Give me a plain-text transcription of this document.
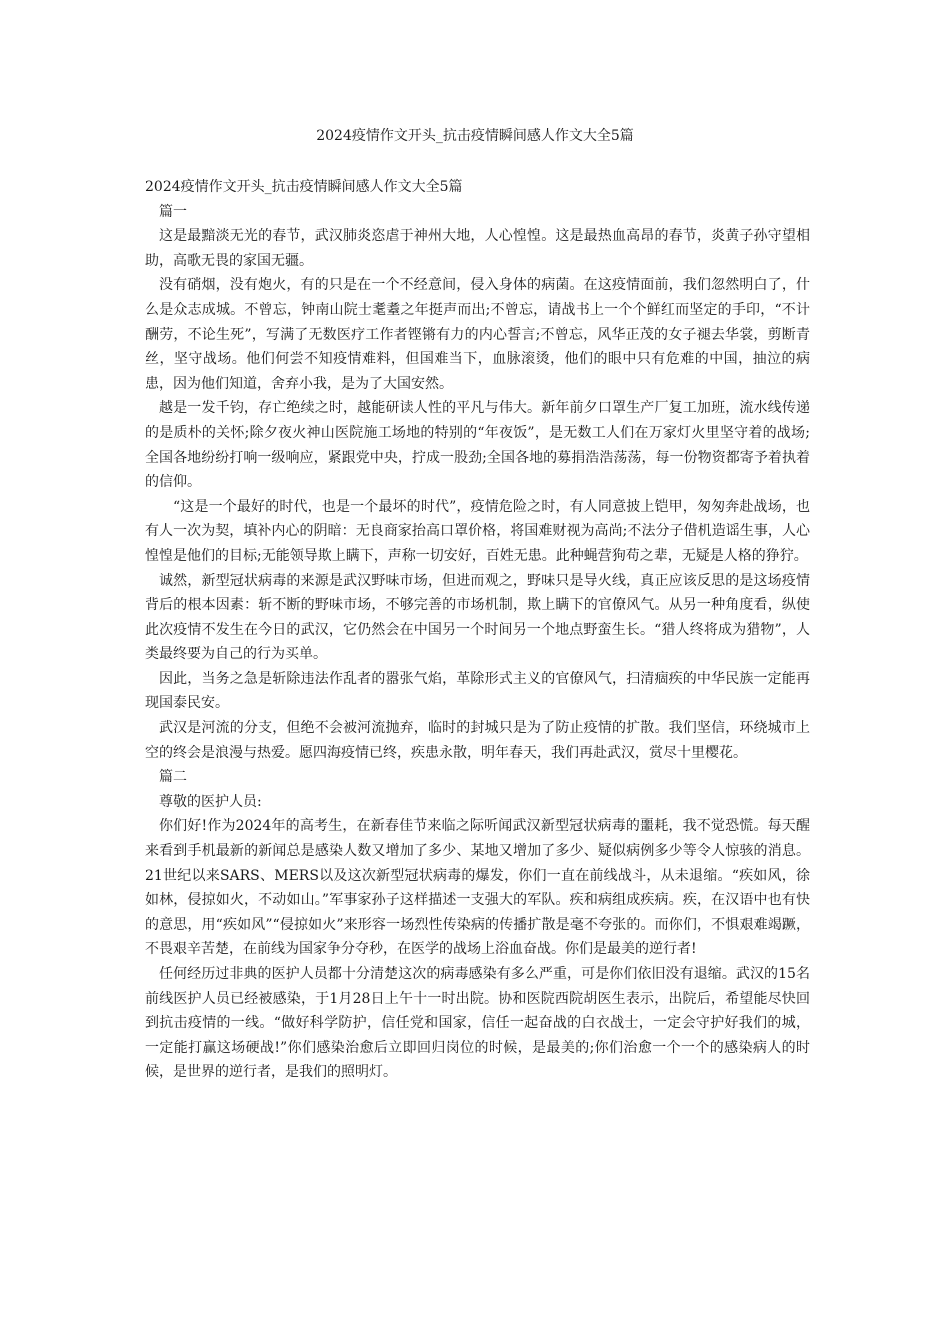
2024疫情作文开头_抗击疫情瞬间感人作文大全5篇

2024疫情作文开头_抗击疫情瞬间感人作文大全5篇

篇一

这是最黯淡无光的春节，武汉肺炎恣虐于神州大地，人心惶惶。这是最热血高昂的春节，炎黄子孙守望相助，高歌无畏的家国无疆。

没有硝烟，没有炮火，有的只是在一个不经意间，侵入身体的病菌。在这疫情面前，我们忽然明白了，什么是众志成城。不曾忘，钟南山院士耄耋之年挺声而出;不曾忘，请战书上一个个鲜红而坚定的手印，“不计酬劳，不论生死”，写满了无数医疗工作者铿锵有力的内心誓言;不曾忘，风华正茂的女子褪去华裳，剪断青丝，坚守战场。他们何尝不知疫情难料，但国难当下，血脉滚烫，他们的眼中只有危难的中国，抽泣的病患，因为他们知道，舍弃小我，是为了大国安然。

越是一发千钧，存亡绝续之时，越能研读人性的平凡与伟大。新年前夕口罩生产厂复工加班，流水线传递的是质朴的关怀;除夕夜火神山医院施工场地的特别的“年夜饭”，是无数工人们在万家灯火里坚守着的战场;全国各地纷纷打响一级响应，紧跟党中央，拧成一股劲;全国各地的募捐浩浩荡荡，每一份物资都寄予着执着的信仰。

“这是一个最好的时代，也是一个最坏的时代”，疫情危险之时，有人同意披上铠甲，匆匆奔赴战场，也有人一次为契，填补内心的阴暗：无良商家抬高口罩价格，将国难财视为高尚;不法分子借机造谣生事，人心惶惶是他们的目标;无能领导欺上瞒下，声称一切安好，百姓无患。此种蝇营狗苟之辈，无疑是人格的狰狞。

诚然，新型冠状病毒的来源是武汉野味市场，但进而观之，野味只是导火线，真正应该反思的是这场疫情背后的根本因素：斩不断的野味市场，不够完善的市场机制，欺上瞒下的官僚风气。从另一种角度看，纵使此次疫情不发生在今日的武汉，它仍然会在中国另一个时间另一个地点野蛮生长。“猎人终将成为猎物”，人类最终要为自己的行为买单。

因此，当务之急是斩除违法作乱者的嚣张气焰，革除形式主义的官僚风气，扫清痼疾的中华民族一定能再现国泰民安。

武汉是河流的分支，但绝不会被河流抛弃，临时的封城只是为了防止疫情的扩散。我们坚信，环绕城市上空的终会是浪漫与热爱。愿四海疫情已终，疾患永散，明年春天，我们再赴武汉，赏尽十里樱花。

篇二

尊敬的医护人员:

你们好!作为2024年的高考生，在新春佳节来临之际听闻武汉新型冠状病毒的噩耗，我不觉恐慌。每天醒来看到手机最新的新闻总是感染人数又增加了多少、某地又增加了多少、疑似病例多少等令人惊骇的消息。21世纪以来SARS、MERS以及这次新型冠状病毒的爆发，你们一直在前线战斗，从未退缩。“疾如风，徐如林，侵掠如火，不动如山。”军事家孙子这样描述一支强大的军队。疾和病组成疾病。疾，在汉语中也有快的意思，用“疾如风”“侵掠如火”来形容一场烈性传染病的传播扩散是毫不夸张的。而你们，不惧艰难竭蹶，不畏艰辛苦楚，在前线为国家争分夺秒，在医学的战场上浴血奋战。你们是最美的逆行者!

任何经历过非典的医护人员都十分清楚这次的病毒感染有多么严重，可是你们依旧没有退缩。武汉的15名前线医护人员已经被感染，于1月28日上午十一时出院。协和医院西院胡医生表示，出院后，希望能尽快回到抗击疫情的一线。“做好科学防护，信任党和国家，信任一起奋战的白衣战士，一定会守护好我们的城，一定能打赢这场硬战!”你们感染治愈后立即回归岗位的时候，是最美的;你们治愈一个一个的感染病人的时候，是世界的逆行者，是我们的照明灯。
